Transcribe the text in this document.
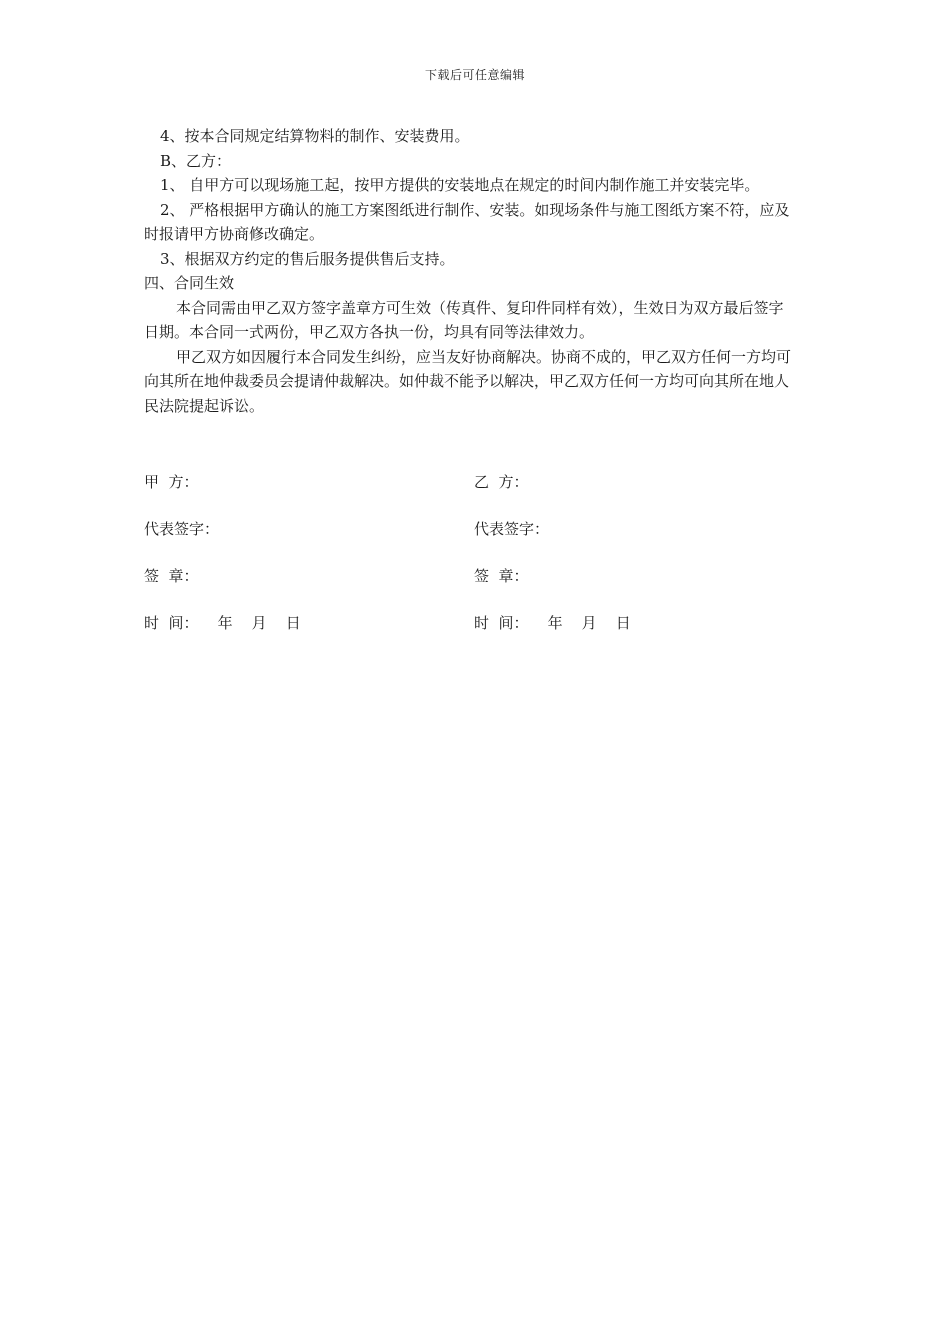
下载后可任意编辑

4、按本合同规定结算物料的制作、安装费用。

B、乙方：

1、 自甲方可以现场施工起，按甲方提供的安装地点在规定的时间内制作施工并安装完毕。

2、 严格根据甲方确认的施工方案图纸进行制作、安装。如现场条件与施工图纸方案不符，应及时报请甲方协商修改确定。

3、根据双方约定的售后服务提供售后支持。

四、合同生效

本合同需由甲乙双方签字盖章方可生效（传真件、复印件同样有效），生效日为双方最后签字日期。本合同一式两份，甲乙双方各执一份，均具有同等法律效力。

甲乙双方如因履行本合同发生纠纷，应当友好协商解决。协商不成的，甲乙双方任何一方均可向其所在地仲裁委员会提请仲裁解决。如仲裁不能予以解决，甲乙双方任何一方均可向其所在地人民法院提起诉讼。

甲  方：	乙  方：
代表签字：	代表签字：
签  章：	签  章：
时  间：    年    月    日	时  间：    年    月    日
